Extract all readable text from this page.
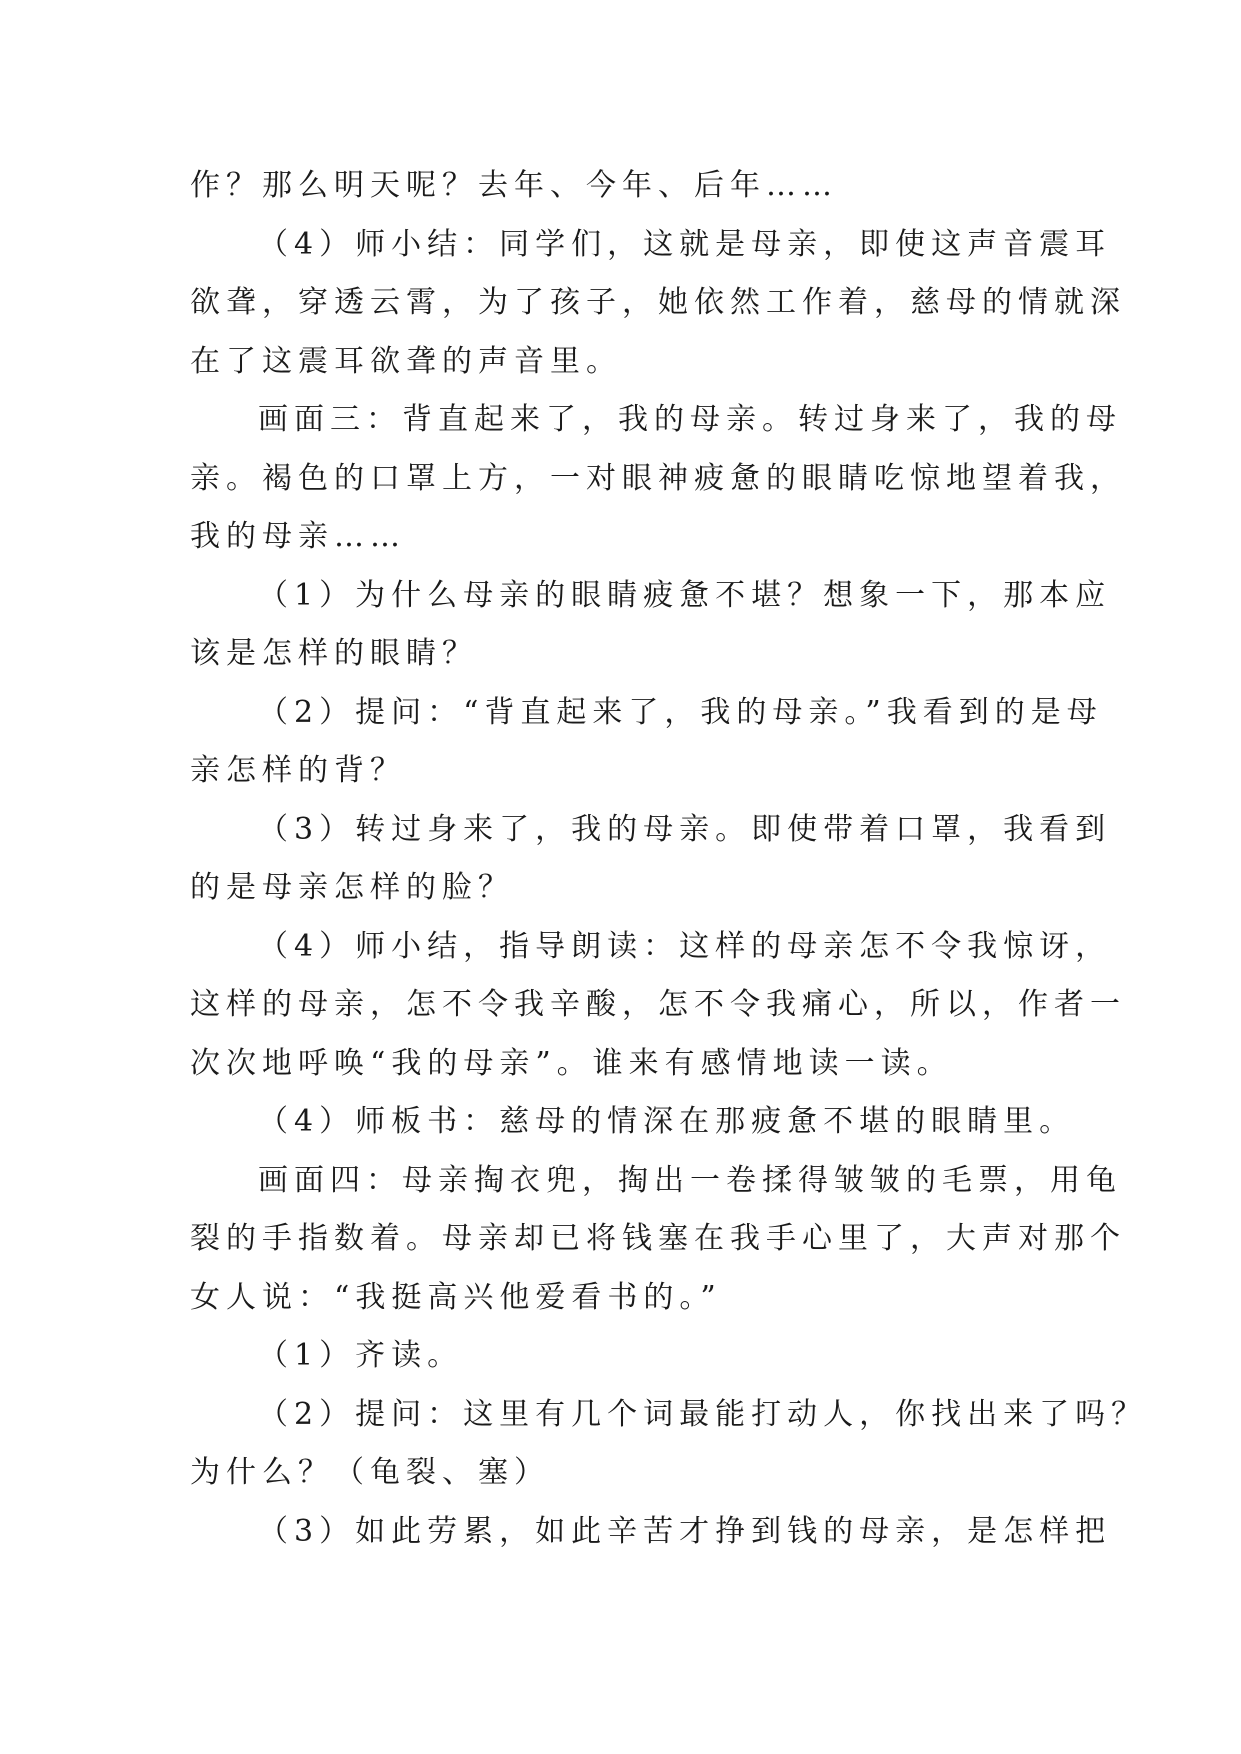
作？那么明天呢？去年、今年、后年……
（4）师小结：同学们，这就是母亲，即使这声音震耳
欲聋，穿透云霄，为了孩子，她依然工作着，慈母的情就深
在了这震耳欲聋的声音里。
画面三：背直起来了，我的母亲。转过身来了，我的母
亲。褐色的口罩上方，一对眼神疲惫的眼睛吃惊地望着我，
我的母亲……
（1）为什么母亲的眼睛疲惫不堪？想象一下，那本应
该是怎样的眼睛？
（2）提问：“背直起来了，我的母亲。”我看到的是母
亲怎样的背？
（3）转过身来了，我的母亲。即使带着口罩，我看到
的是母亲怎样的脸？
（4）师小结，指导朗读：这样的母亲怎不令我惊讶，
这样的母亲，怎不令我辛酸，怎不令我痛心，所以，作者一
次次地呼唤“我的母亲”。谁来有感情地读一读。
（4）师板书：慈母的情深在那疲惫不堪的眼睛里。
画面四：母亲掏衣兜，掏出一卷揉得皱皱的毛票，用龟
裂的手指数着。母亲却已将钱塞在我手心里了，大声对那个
女人说：“我挺高兴他爱看书的。”
（1）齐读。
（2）提问：这里有几个词最能打动人，你找出来了吗？
为什么？（龟裂、塞）
（3）如此劳累，如此辛苦才挣到钱的母亲，是怎样把
